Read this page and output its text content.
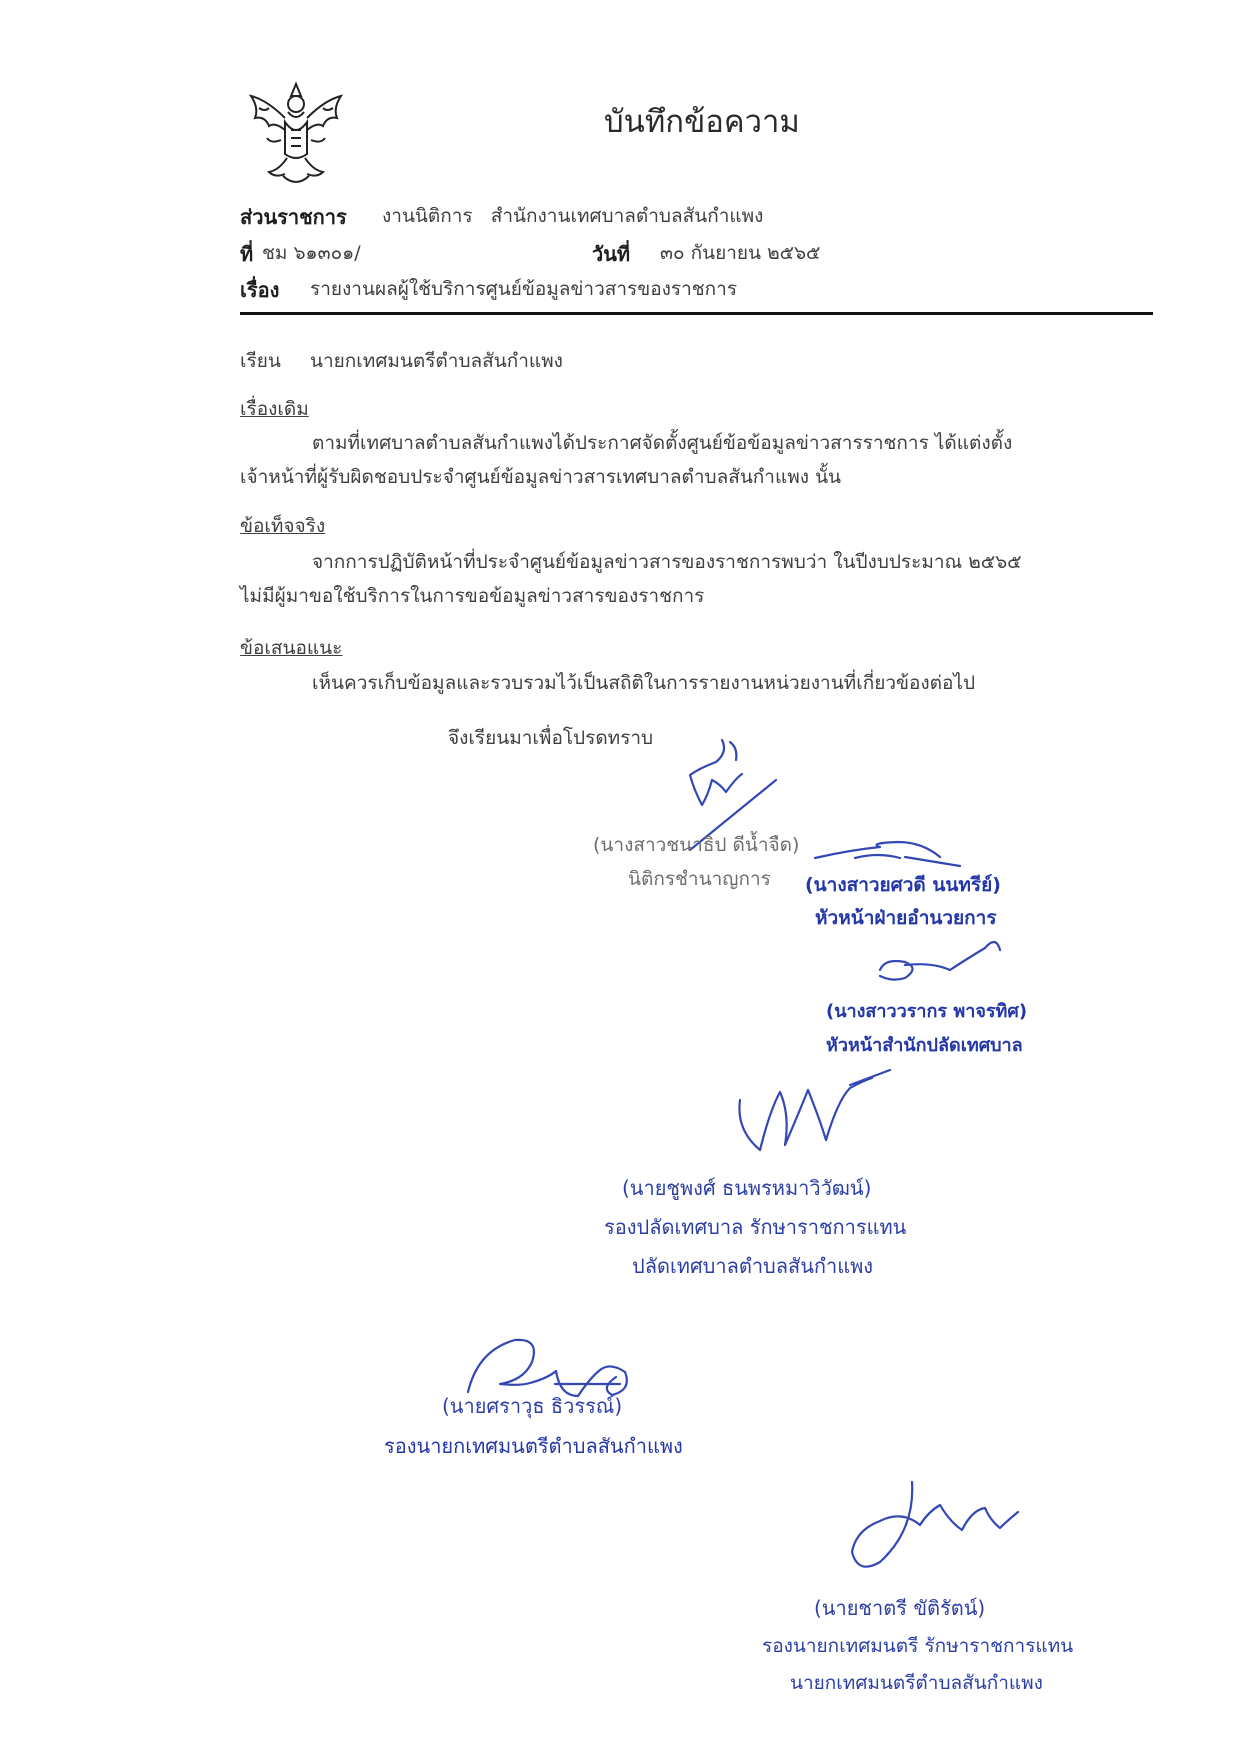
บันทึกข้อความ
ส่วนราชการ งานนิติการ   สำนักงานเทศบาลตำบลสันกำแพง
ที่ ชม ๖๑๓๐๑/	วันที่ ๓๐ กันยายน ๒๕๖๕
เรื่อง รายงานผลผู้ใช้บริการศูนย์ข้อมูลข่าวสารของราชการ
เรียน นายกเทศมนตรีตำบลสันกำแพง
เรื่องเดิม
ตามที่เทศบาลตำบลสันกำแพงได้ประกาศจัดตั้งศูนย์ข้อข้อมูลข่าวสารราชการ ได้แต่งตั้ง
เจ้าหน้าที่ผู้รับผิดชอบประจำศูนย์ข้อมูลข่าวสารเทศบาลตำบลสันกำแพง นั้น
ข้อเท็จจริง
จากการปฏิบัติหน้าที่ประจำศูนย์ข้อมูลข่าวสารของราชการพบว่า ในปีงบประมาณ ๒๕๖๕
ไม่มีผู้มาขอใช้บริการในการขอข้อมูลข่าวสารของราชการ
ข้อเสนอแนะ
เห็นควรเก็บข้อมูลและรวบรวมไว้เป็นสถิติในการรายงานหน่วยงานที่เกี่ยวข้องต่อไป
จึงเรียนมาเพื่อโปรดทราบ
(นางสาวชนาธิป ดีน้ำจืด)
นิติกรชำนาญการ (นางสาวยศวดี นนทรีย์)
หัวหน้าฝ่ายอำนวยการ
(นางสาววรากร พาจรทิศ)
หัวหน้าสำนักปลัดเทศบาล
(นายชูพงศ์ ธนพรหมาวิวัฒน์)
รองปลัดเทศบาล รักษาราชการแทน
ปลัดเทศบาลตำบลสันกำแพง
(นายศราวุธ ธิวรรณ์)
รองนายกเทศมนตรีตำบลสันกำแพง
(นายชาตรี ขัติรัตน์)
รองนายกเทศมนตรี รักษาราชการแทน
นายกเทศมนตรีตำบลสันกำแพง
